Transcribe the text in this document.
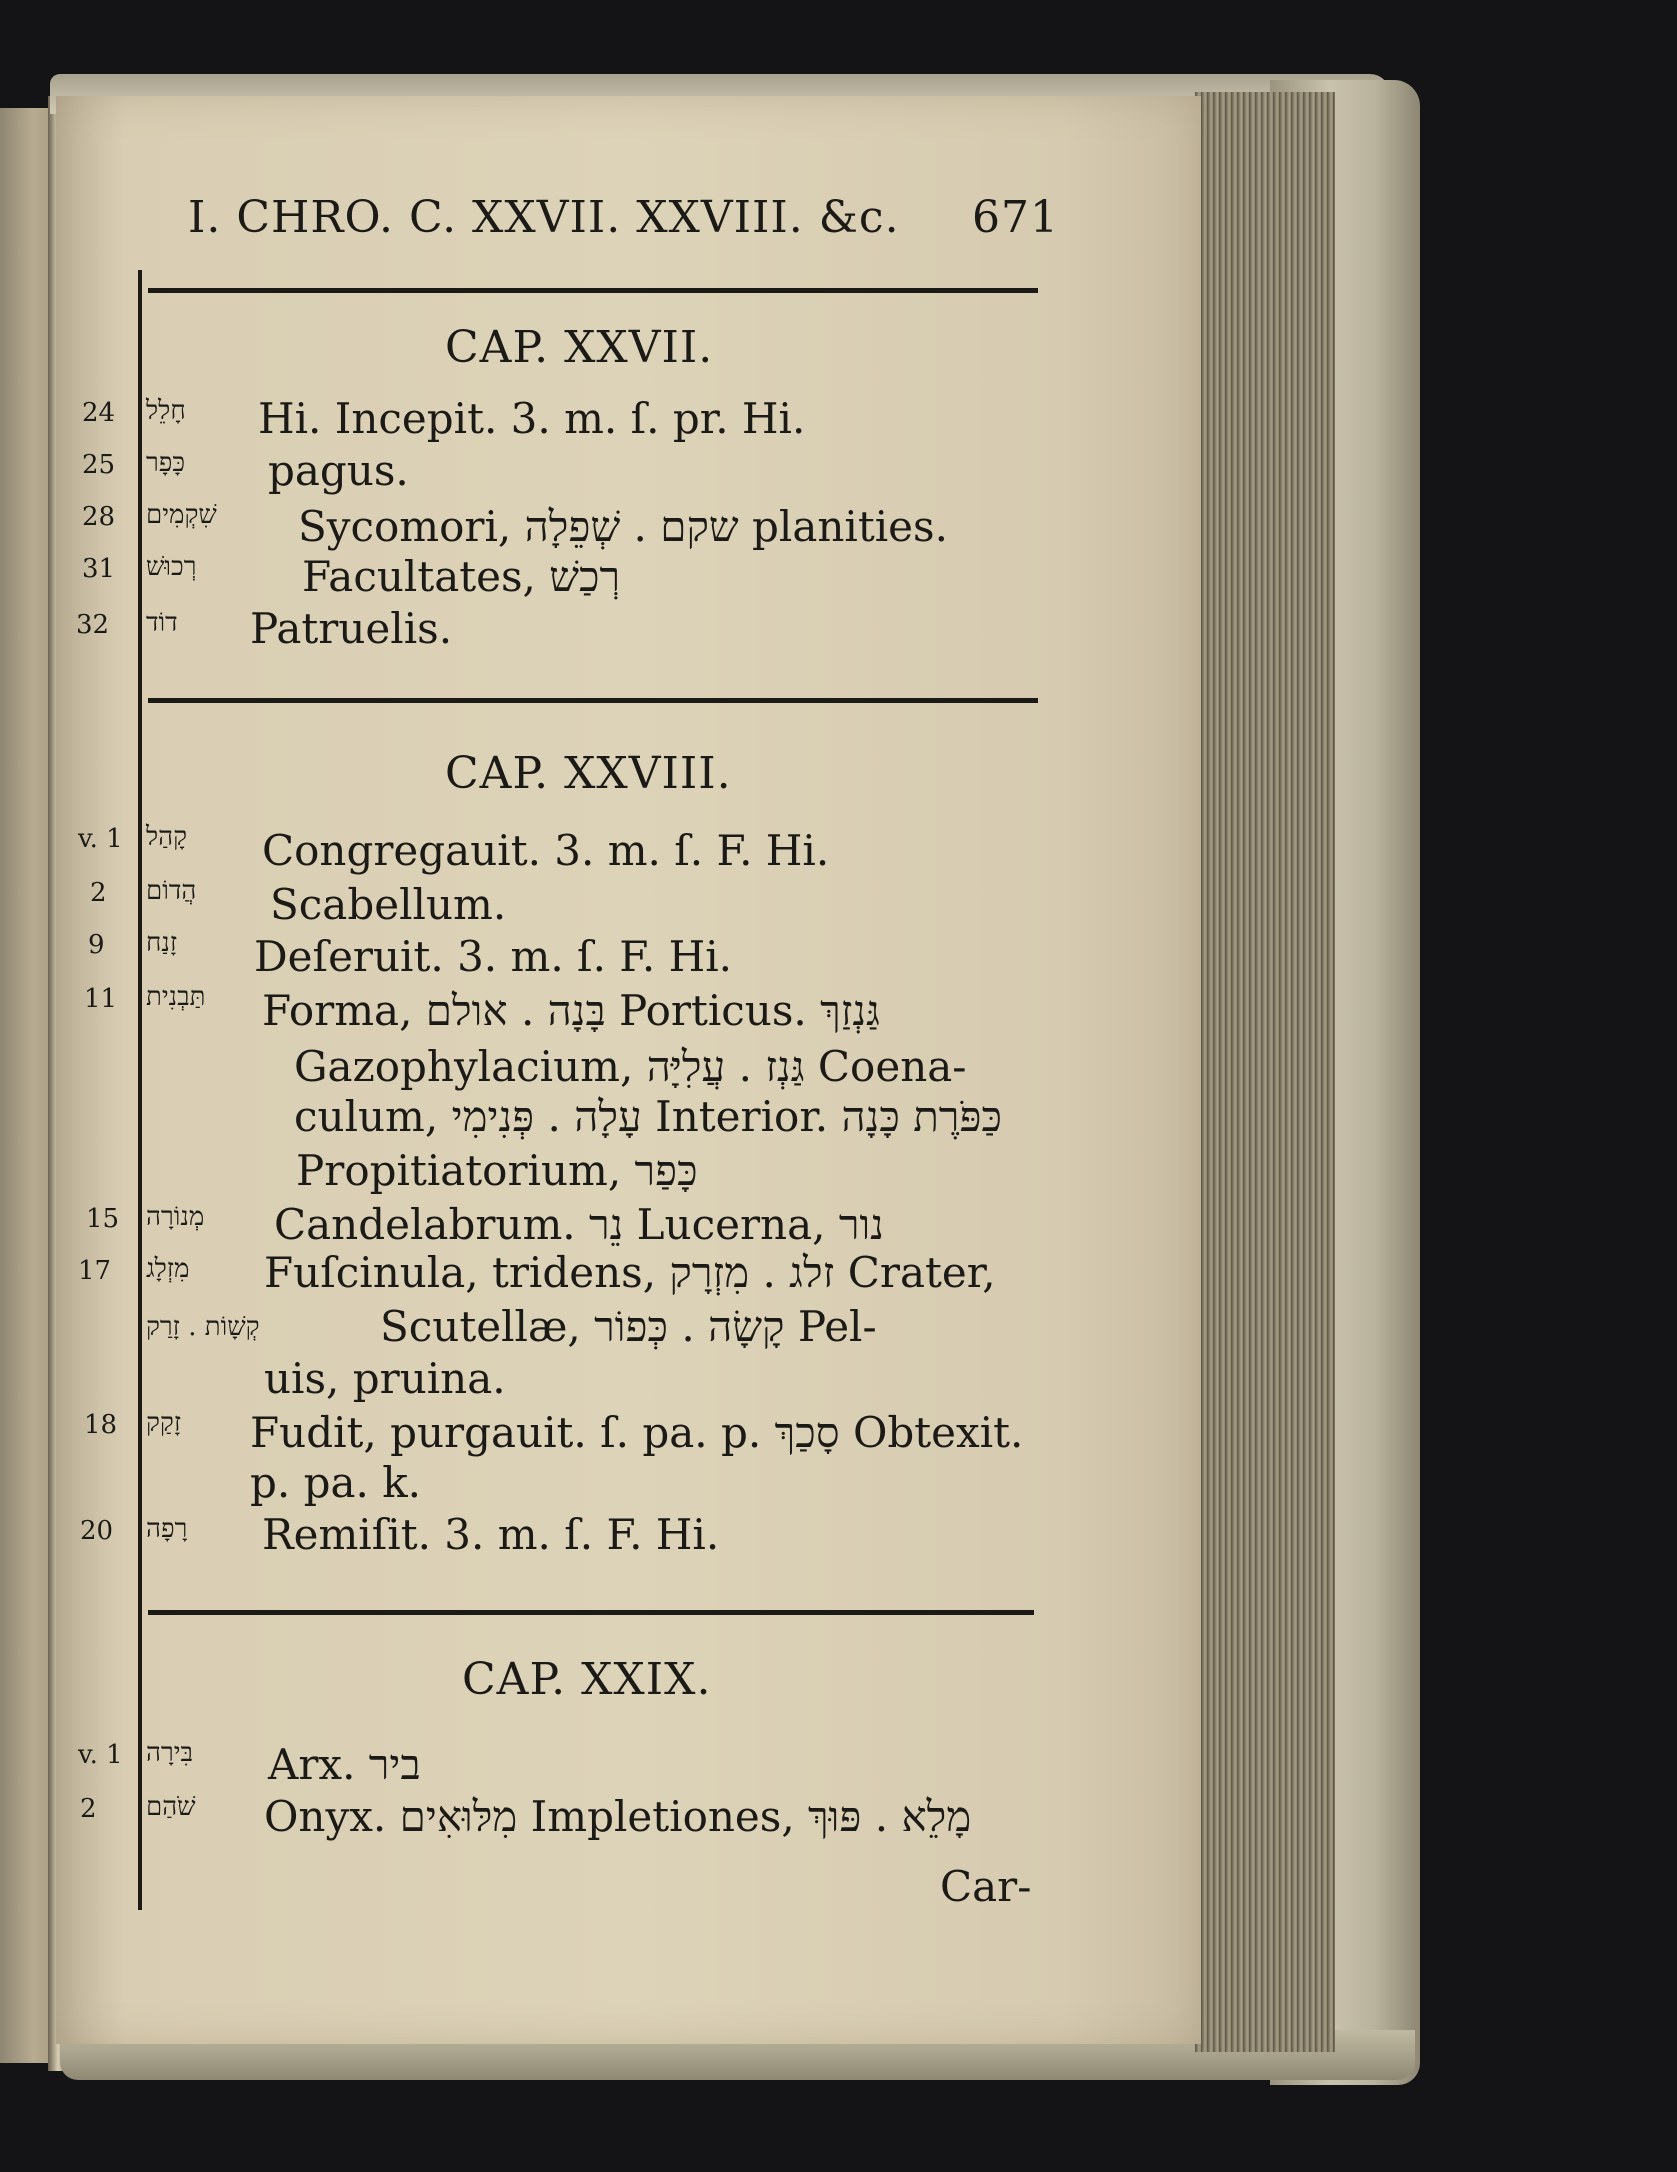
I. CHRO. C. XXVII. XXVIII. &c. 671
CAP. XXVII.
24 חָלֵל Hi. Incepit. 3. m. ſ. pr. Hi.
25 כָּפָר pagus.
28 שִׁקְמִים Sycomori, שקם . שְׁפֵלָה planities.
31 רְכוּשׁ	Facultates, רְכַשׁ
32 דוֹד Patruelis.
CAP. XXVIII.
v. 1 קָהַל Congregauit. 3. m. ſ. F. Hi.
2 הֲדוֹם Scabellum.
9 זָנַח Deſeruit. 3. m. ſ. F. Hi.
11 תַּבְנִית Forma, בָּנָה . אולם Porticus. גַּנְזַךְ
Gazophylacium, גַּנְז . עֲלִיָּה Coena-
culum, עָלָה . פְּנִימִי Interior. כַּפֹּרֶת כָּנָה
Propitiatorium, כָּפַר
15 מְנוֹרָה Candelabrum. נֵר Lucerna, נור
17 מִזְלָג Fuſcinula, tridens, זלג . מִזְרָק Crater,
קְשָׁוֹת . זָרַק	Scutellæ, קָשָׂה . כְּפוֹר Pel-
uis, pruina.
18 זָקַק Fudit, purgauit. ſ. pa. p. סָכַךְ Obtexit.
p. pa. k.
20 רָפָה Remiſit. 3. m. ſ. F. Hi.
CAP. XXIX.
v. 1 בִּירָה Arx. ביר
2 שֹׁהַם Onyx. מִלּוּאִים Impletiones, מָלֵא . פּוּךְ
Car-
